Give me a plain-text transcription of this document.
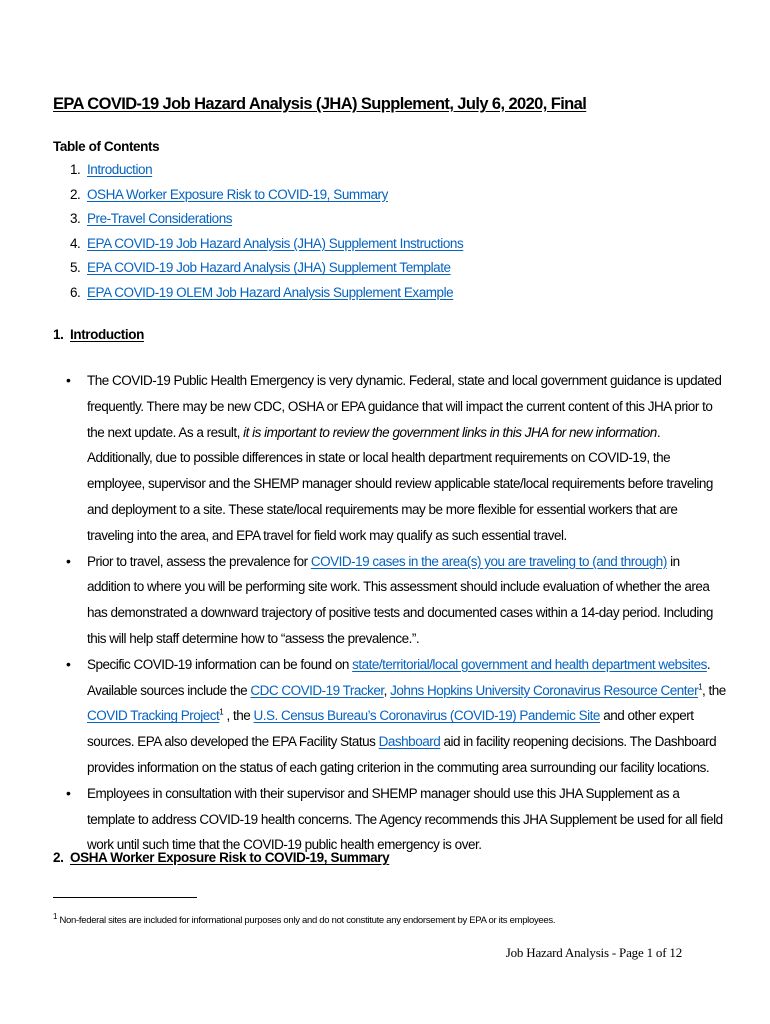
EPA COVID-19 Job Hazard Analysis (JHA) Supplement, July 6, 2020, Final
Table of Contents
1. Introduction
2. OSHA Worker Exposure Risk to COVID-19, Summary
3. Pre-Travel Considerations
4. EPA COVID-19 Job Hazard Analysis (JHA) Supplement Instructions
5. EPA COVID-19 Job Hazard Analysis (JHA) Supplement Template
6. EPA COVID-19 OLEM Job Hazard Analysis Supplement Example
1. Introduction
• The COVID-19 Public Health Emergency is very dynamic. Federal, state and local government guidance is updated frequently. There may be new CDC, OSHA or EPA guidance that will impact the current content of this JHA prior to the next update. As a result, it is important to review the government links in this JHA for new information. Additionally, due to possible differences in state or local health department requirements on COVID-19, the employee, supervisor and the SHEMP manager should review applicable state/local requirements before traveling and deployment to a site. These state/local requirements may be more flexible for essential workers that are traveling into the area, and EPA travel for field work may qualify as such essential travel.
• Prior to travel, assess the prevalence for COVID-19 cases in the area(s) you are traveling to (and through) in addition to where you will be performing site work. This assessment should include evaluation of whether the area has demonstrated a downward trajectory of positive tests and documented cases within a 14-day period. Including this will help staff determine how to “assess the prevalence.”.
• Specific COVID-19 information can be found on state/territorial/local government and health department websites. Available sources include the CDC COVID-19 Tracker, Johns Hopkins University Coronavirus Resource Center$^1$, the COVID Tracking Project$^1$ , the U.S. Census Bureau’s Coronavirus (COVID-19) Pandemic Site and other expert sources. EPA also developed the EPA Facility Status Dashboard aid in facility reopening decisions. The Dashboard provides information on the status of each gating criterion in the commuting area surrounding our facility locations.
• Employees in consultation with their supervisor and SHEMP manager should use this JHA Supplement as a template to address COVID-19 health concerns. The Agency recommends this JHA Supplement be used for all field work until such time that the COVID-19 public health emergency is over.
2. OSHA Worker Exposure Risk to COVID-19, Summary
$^1$ Non-federal sites are included for informational purposes only and do not constitute any endorsement by EPA or its employees.
Job Hazard Analysis - Page 1 of 12
